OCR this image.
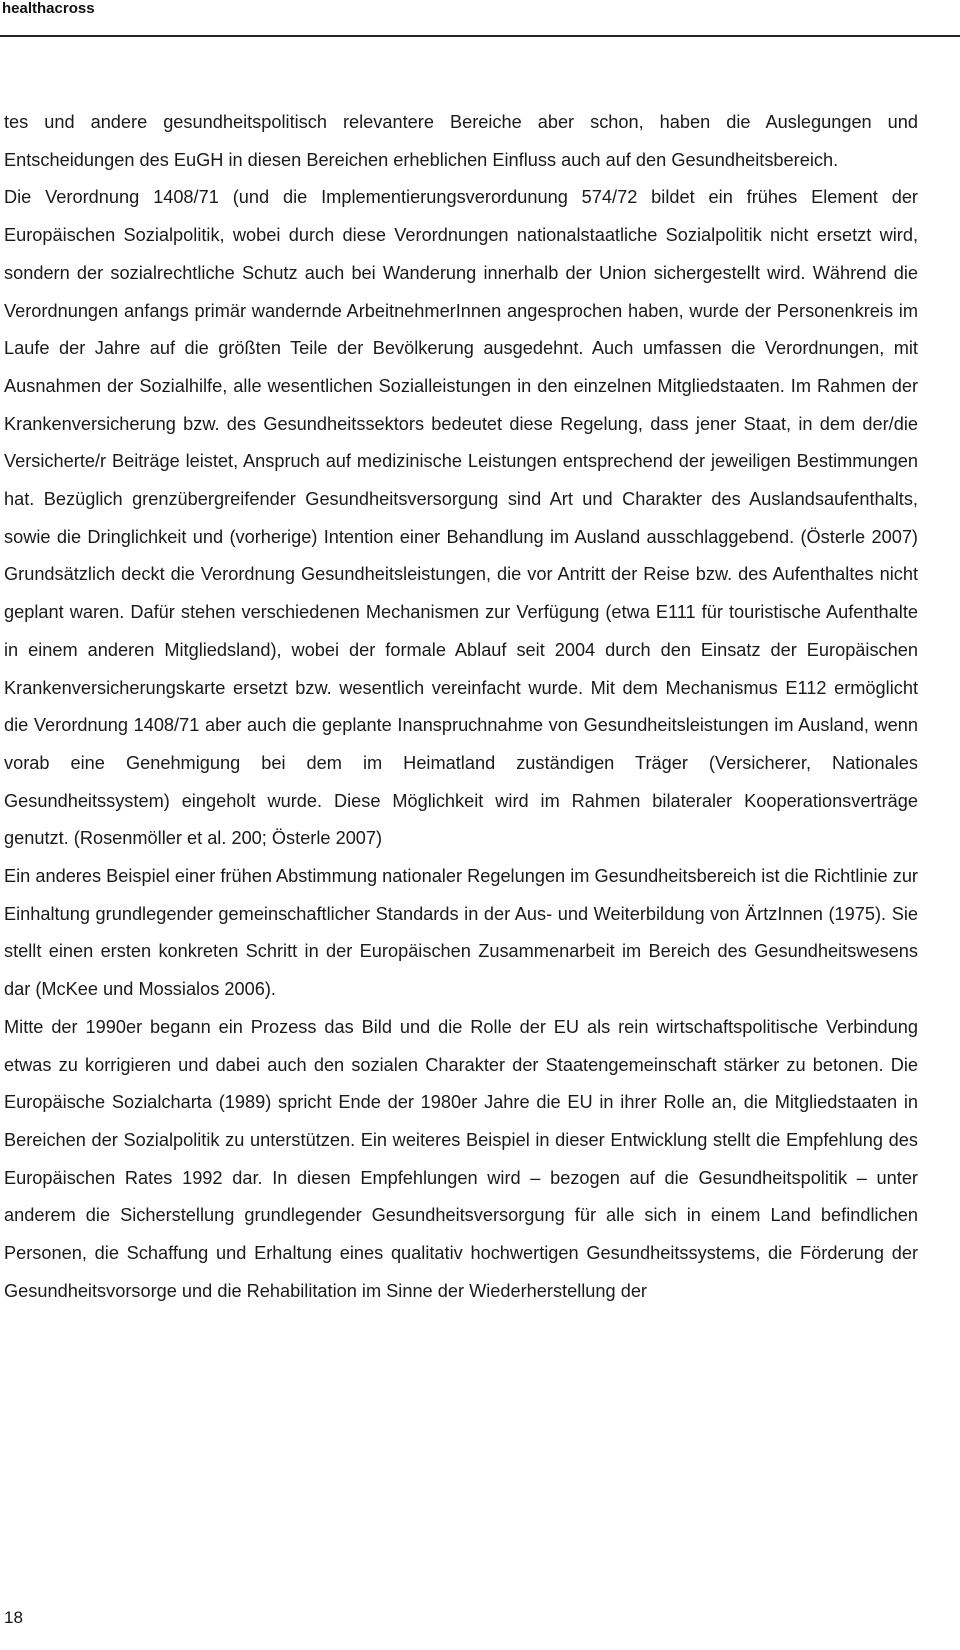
healthacross

tes und andere gesundheitspolitisch relevantere Bereiche aber schon, haben die Auslegungen und Entscheidungen des EuGH in diesen Bereichen erheblichen Einfluss auch auf den Gesundheitsbereich.

Die Verordnung 1408/71 (und die Implementierungsverordunung 574/72 bildet ein frühes Element der Europäischen Sozialpolitik, wobei durch diese Verordnungen nationalstaatliche Sozialpolitik nicht ersetzt wird, sondern der sozialrechtliche Schutz auch bei Wanderung innerhalb der Union sichergestellt wird. Während die Verordnungen anfangs primär wandernde ArbeitnehmerInnen angesprochen haben, wurde der Personenkreis im Laufe der Jahre auf die größten Teile der Bevölkerung ausgedehnt. Auch umfassen die Verordnungen, mit Ausnahmen der Sozialhilfe, alle wesentlichen Sozialleistungen in den einzelnen Mitgliedstaaten. Im Rahmen der Krankenversicherung bzw. des Gesundheitssektors bedeutet diese Regelung, dass jener Staat, in dem der/die Versicherte/r Beiträge leistet, Anspruch auf medizinische Leistungen entsprechend der jeweiligen Bestimmungen hat. Bezüglich grenzübergreifender Gesundheitsversorgung sind Art und Charakter des Auslandsaufenthalts, sowie die Dringlichkeit und (vorherige) Intention einer Behandlung im Ausland ausschlaggebend. (Österle 2007) Grundsätzlich deckt die Verordnung Gesundheitsleistungen, die vor Antritt der Reise bzw. des Aufenthaltes nicht geplant waren. Dafür stehen verschiedenen Mechanismen zur Verfügung (etwa E111 für touristische Aufenthalte in einem anderen Mitgliedsland), wobei der formale Ablauf seit 2004 durch den Einsatz der Europäischen Krankenversicherungskarte ersetzt bzw. wesentlich vereinfacht wurde. Mit dem Mechanismus E112 ermöglicht die Verordnung 1408/71 aber auch die geplante Inanspruchnahme von Gesundheitsleistungen im Ausland, wenn vorab eine Genehmigung bei dem im Heimatland zuständigen Träger (Versicherer, Nationales Gesundheitssystem) eingeholt wurde. Diese Möglichkeit wird im Rahmen bilateraler Kooperationsverträge genutzt. (Rosenmöller et al. 200; Österle 2007)

Ein anderes Beispiel einer frühen Abstimmung nationaler Regelungen im Gesundheitsbereich ist die Richtlinie zur Einhaltung grundlegender gemeinschaftlicher Standards in der Aus- und Weiterbildung von ÄrtzInnen (1975). Sie stellt einen ersten konkreten Schritt in der Europäischen Zusammenarbeit im Bereich des Gesundheitswesens dar (McKee und Mossialos 2006).

Mitte der 1990er begann ein Prozess das Bild und die Rolle der EU als rein wirtschaftspolitische Verbindung etwas zu korrigieren und dabei auch den sozialen Charakter der Staatengemeinschaft stärker zu betonen. Die Europäische Sozialcharta (1989) spricht Ende der 1980er Jahre die EU in ihrer Rolle an, die Mitgliedstaaten in Bereichen der Sozialpolitik zu unterstützen. Ein weiteres Beispiel in dieser Entwicklung stellt die Empfehlung des Europäischen Rates 1992 dar. In diesen Empfehlungen wird – bezogen auf die Gesundheitspolitik – unter anderem die Sicherstellung grundlegender Gesundheitsversorgung für alle sich in einem Land befindlichen Personen, die Schaffung und Erhaltung eines qualitativ hochwertigen Gesundheitssystems, die Förderung der Gesundheitsvorsorge und die Rehabilitation im Sinne der Wiederherstellung der

18
